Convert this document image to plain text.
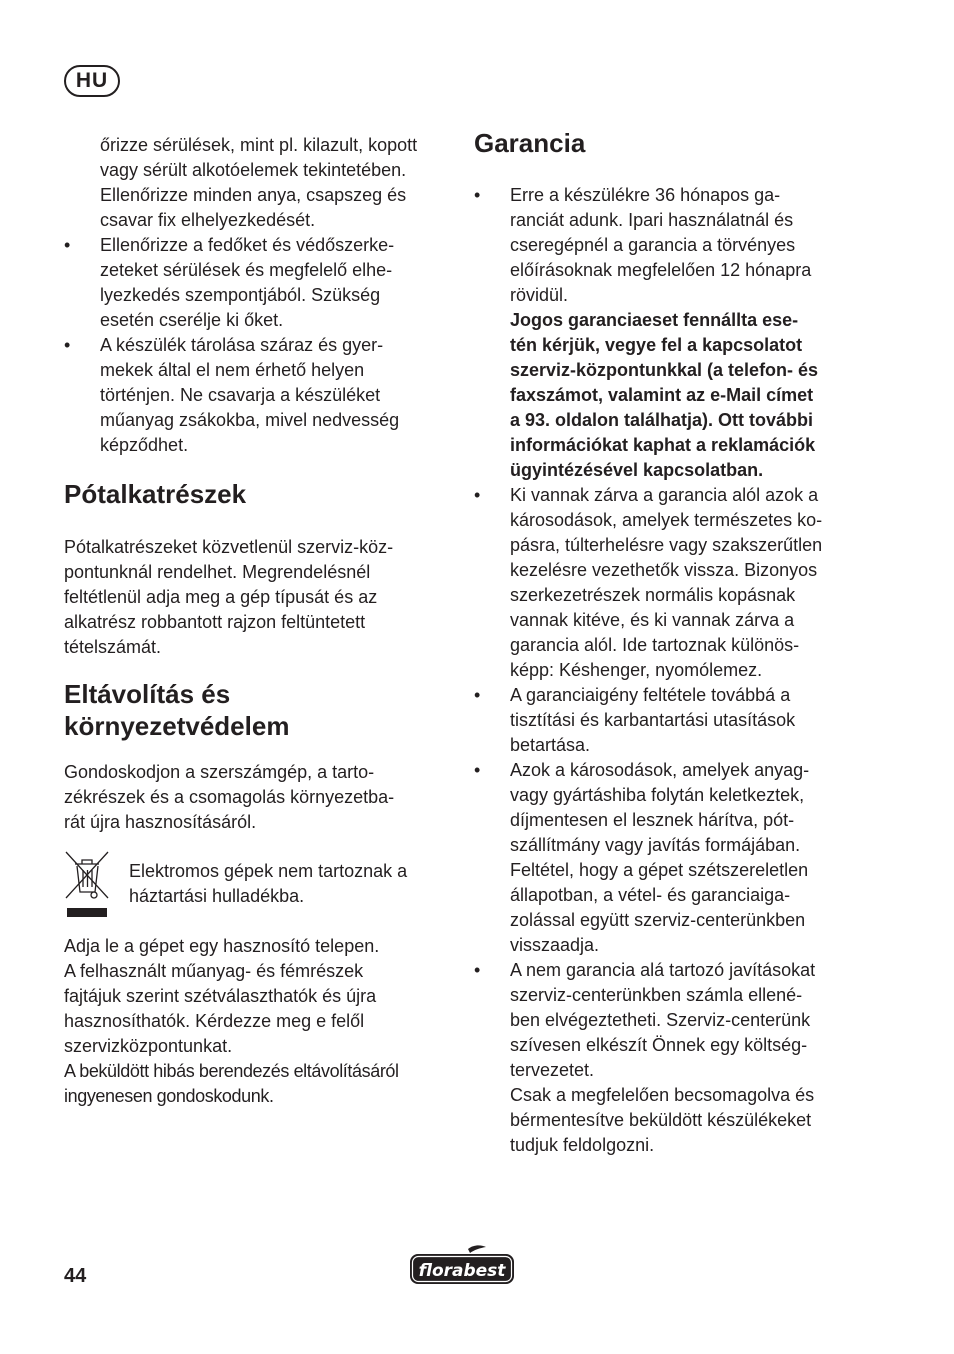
HU
őrizze sérülések, mint pl. kilazult, kopott
vagy sérült alkotóelemek tekintetében.
Ellenőrizze minden anya, csapszeg és
csavar fix elhelyezkedését.
• Ellenőrizze a fedőket és védőszerke-
zeteket sérülések és megfelelő elhe-
lyezkedés szempontjából. Szükség
esetén cserélje ki őket.
• A készülék tárolása száraz és gyer-
mekek által el nem érhető helyen
történjen. Ne csavarja a készüléket
műanyag zsákokba, mivel nedvesség
képződhet.
Pótalkatrészek
Pótalkatrészeket közvetlenül szerviz-köz-
pontunknál rendelhet. Megrendelésnél
feltétlenül adja meg a gép típusát és az
alkatrész robbantott rajzon feltüntetett
tételszámát.
Eltávolítás és
környezetvédelem
Gondoskodjon a szerszámgép, a tarto-
zékrészek és a csomagolás környezetba-
rát újra hasznosításáról.
Adja le a gépet egy hasznosító telepen.
A felhasznált műanyag- és fémrészek
fajtájuk szerint szétválaszthatók és újra
hasznosíthatók. Kérdezze meg e felől
szervizközpontunkat.
A beküldött hibás berendezés eltávolításáról
ingyenesen gondoskodunk.
Elektromos gépek nem tartoznak a
háztartási hulladékba.
Garancia
• Erre a készülékre 36 hónapos ga-
ranciát adunk. Ipari használatnál és
cseregépnél a garancia a törvényes
előírásoknak megfelelően 12 hónapra
rövidül.
Jogos garanciaeset fennállta ese-
tén kérjük, vegye fel a kapcsolatot
szerviz-központunkkal (a telefon- és
faxszámot, valamint az e-Mail címet
a 93. oldalon találhatja). Ott további
információkat kaphat a reklamációk
ügyintézésével kapcsolatban.
• Ki vannak zárva a garancia alól azok a
károsodások, amelyek természetes ko-
pásra, túlterhelésre vagy szakszerűtlen
kezelésre vezethetők vissza. Bizonyos
szerkezetrészek normális kopásnak
vannak kitéve, és ki vannak zárva a
garancia alól. Ide tartoznak különös-
képp: Késhenger, nyomólemez.
• A garanciaigény feltétele továbbá a
tisztítási és karbantartási utasítások
betartása.
• Azok a károsodások, amelyek anyag-
vagy gyártáshiba folytán keletkeztek,
díjmentesen el lesznek hárítva, pót-
szállítmány vagy javítás formájában.
Feltétel, hogy a gépet szétszereletlen
állapotban, a vétel- és garanciaiga-
zolással együtt szerviz-centerünkben
visszaadja.
• A nem garancia alá tartozó javításokat
szerviz-centerünkben számla ellené-
ben elvégeztetheti. Szerviz-centerünk
szívesen elkészít Önnek egy költség-
tervezetet.
Csak a megfelelően becsomagolva és
bérmentesítve beküldött készülékeket
tudjuk feldolgozni.
44	florabest
